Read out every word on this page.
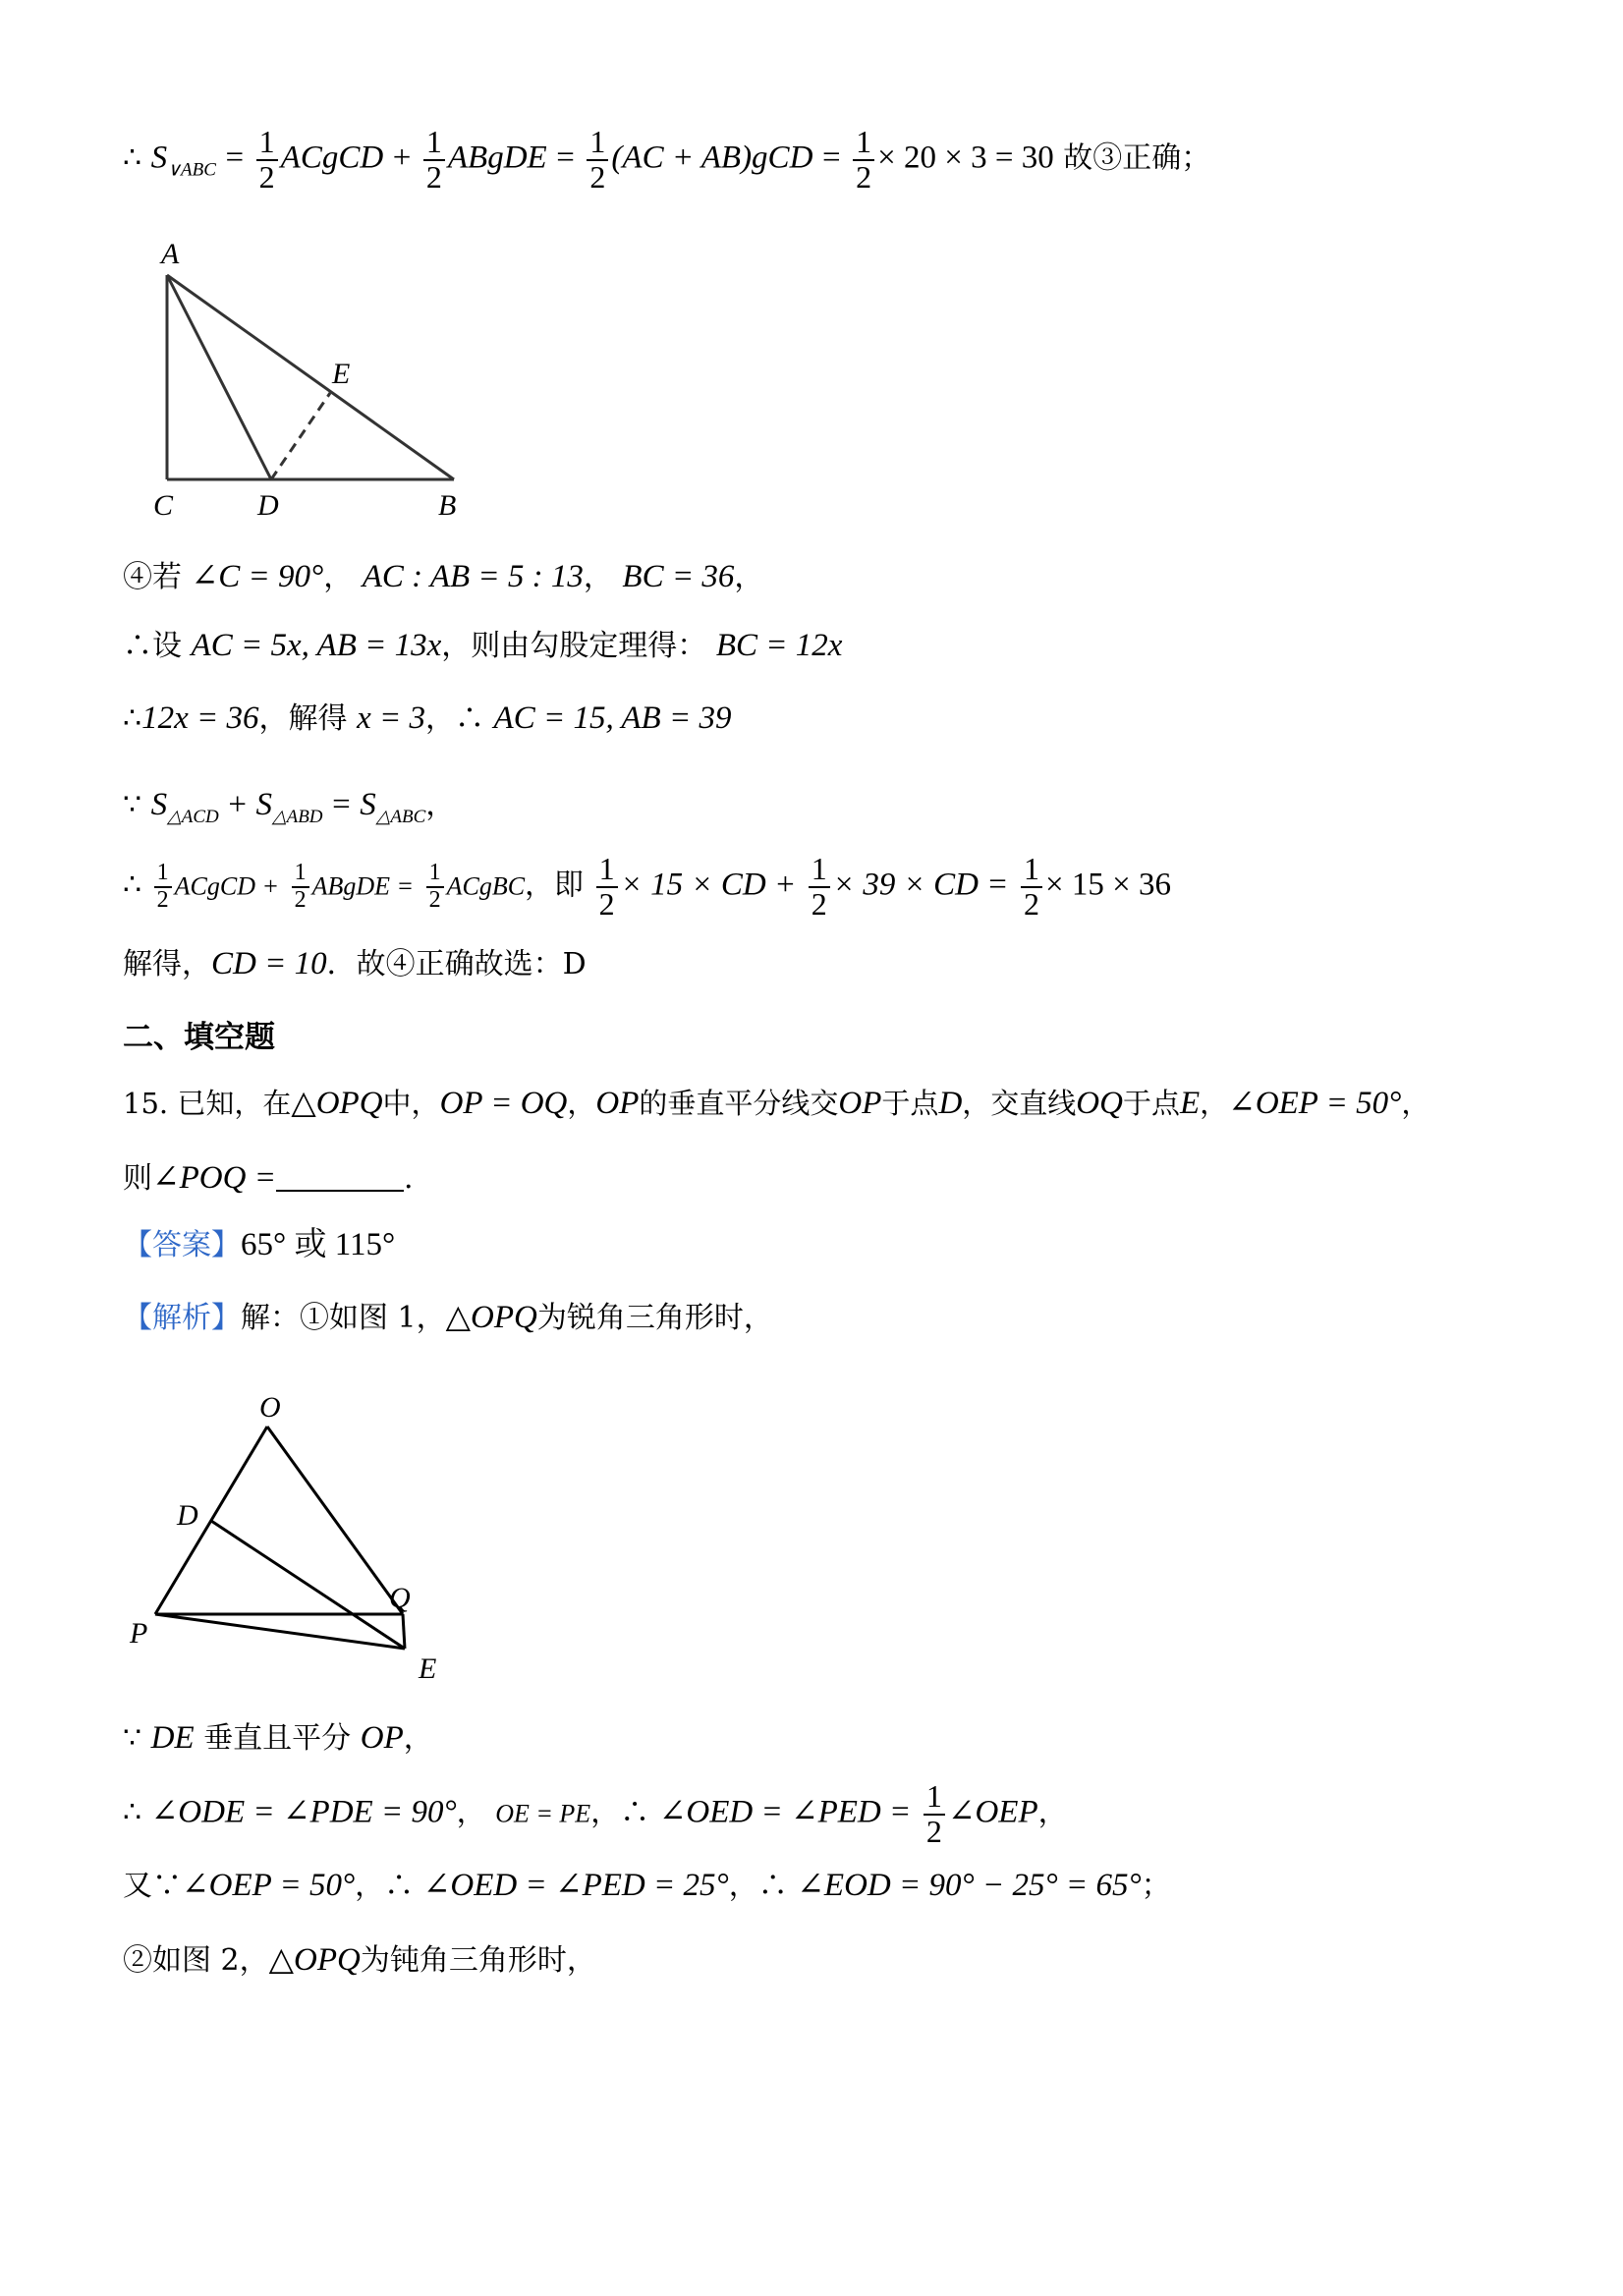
∴ $S_{\vee ABC} = \frac{1}{2}$ ACgCD + $\frac{1}{2}$ ABgDE = $\frac{1}{2} (AC + AB)gCD = \frac{1}{2} \times 20 \times 3 = 30$ 故③正确；
A
E
C	D	B
④若 ∠C = 90°， AC : AB = 5 : 13， BC = 36，
∴设 AC = 5x, AB = 13x，则由勾股定理得： BC = 12x
∴12x = 36，解得 x = 3，∴ AC = 15, AB = 39
∵ $S_{\triangle ACD} + S_{\triangle ABD} = S_{\triangle ABC}$，
∴ $\frac{1}{2}$ ACgCD + $\frac{1}{2}$ ABgDE = $\frac{1}{2}$ ACgBC，即 $\frac{1}{2} \times 15$ × CD + $\frac{1}{2} \times 39$ × CD = $\frac{1}{2} \times 15 \times 36$
解得，CD = 10．故④正确故选：D
二、填空题
15. 已知，在△OPQ中，OP = OQ，OP的垂直平分线交OP于点D，交直线OQ于点E，∠OEP = 50°，
则∠POQ =	.
【答案】65° 或 115°
【解析】解：①如图 1，△OPQ为锐角三角形时，
O
D
Q
P
E
∵ DE 垂直且平分 OP，
∴ ∠ODE = ∠PDE = 90°， OE = PE，∴ ∠OED = ∠PED = $\frac{1}{2}$ ∠OEP，
又∵∠OEP = 50°，∴ ∠OED = ∠PED = 25°，∴ ∠EOD = 90° − 25° = 65°；
②如图 2，△OPQ为钝角三角形时，
